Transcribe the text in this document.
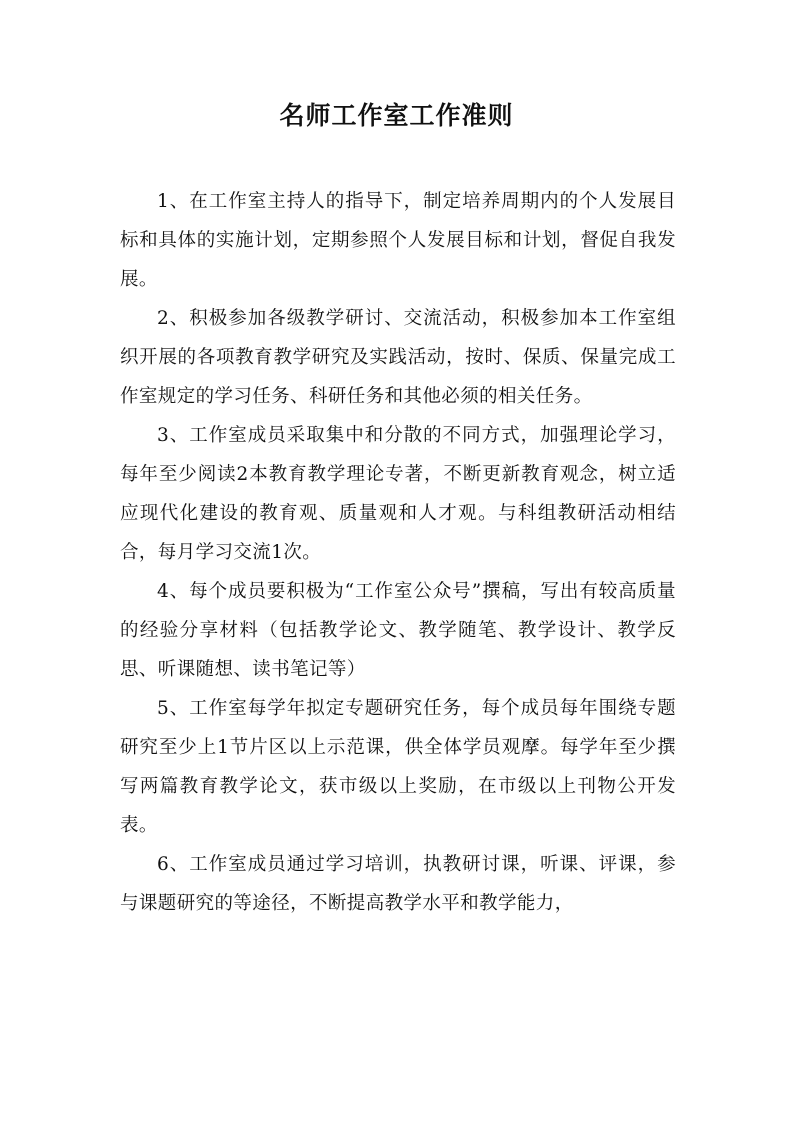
名师工作室工作准则

1、在工作室主持人的指导下，制定培养周期内的个人发展目标和具体的实施计划，定期参照个人发展目标和计划，督促自我发展。

2、积极参加各级教学研讨、交流活动，积极参加本工作室组织开展的各项教育教学研究及实践活动，按时、保质、保量完成工作室规定的学习任务、科研任务和其他必须的相关任务。

3、工作室成员采取集中和分散的不同方式，加强理论学习，每年至少阅读2本教育教学理论专著，不断更新教育观念，树立适应现代化建设的教育观、质量观和人才观。与科组教研活动相结合，每月学习交流1次。

4、每个成员要积极为“工作室公众号”撰稿，写出有较高质量的经验分享材料（包括教学论文、教学随笔、教学设计、教学反思、听课随想、读书笔记等）

5、工作室每学年拟定专题研究任务，每个成员每年围绕专题研究至少上1节片区以上示范课，供全体学员观摩。每学年至少撰写两篇教育教学论文，获市级以上奖励，在市级以上刊物公开发表。

6、工作室成员通过学习培训，执教研讨课，听课、评课，参与课题研究的等途径，不断提高教学水平和教学能力，
